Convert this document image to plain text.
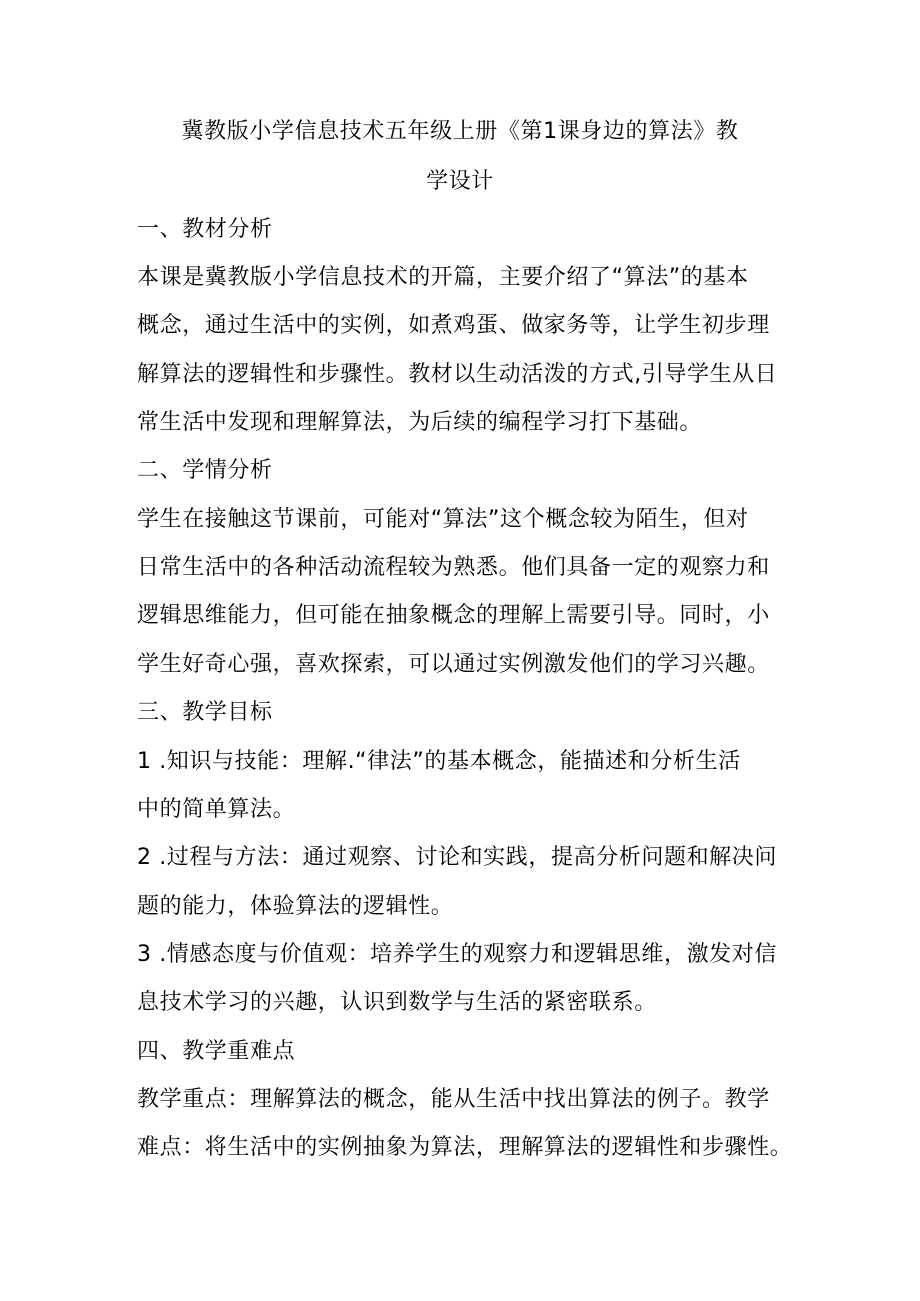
冀教版小学信息技术五年级上册《第1课身边的算法》教
学设计
一、教材分析
本课是冀教版小学信息技术的开篇，主要介绍了“算法”的基本
概念，通过生活中的实例，如煮鸡蛋、做家务等，让学生初步理
解算法的逻辑性和步骤性。教材以生动活泼的方式,引导学生从日
常生活中发现和理解算法，为后续的编程学习打下基础。
二、学情分析
学生在接触这节课前，可能对“算法”这个概念较为陌生，但对
日常生活中的各种活动流程较为熟悉。他们具备一定的观察力和
逻辑思维能力，但可能在抽象概念的理解上需要引导。同时，小
学生好奇心强，喜欢探索，可以通过实例激发他们的学习兴趣。
三、教学目标
1 .知识与技能：理解.“律法”的基本概念，能描述和分析生活
中的简单算法。
2 .过程与方法：通过观察、讨论和实践，提高分析问题和解决问
题的能力，体验算法的逻辑性。
3 .情感态度与价值观：培养学生的观察力和逻辑思维，激发对信
息技术学习的兴趣，认识到数学与生活的紧密联系。
四、教学重难点
教学重点：理解算法的概念，能从生活中找出算法的例子。教学
难点：将生活中的实例抽象为算法，理解算法的逻辑性和步骤性。
